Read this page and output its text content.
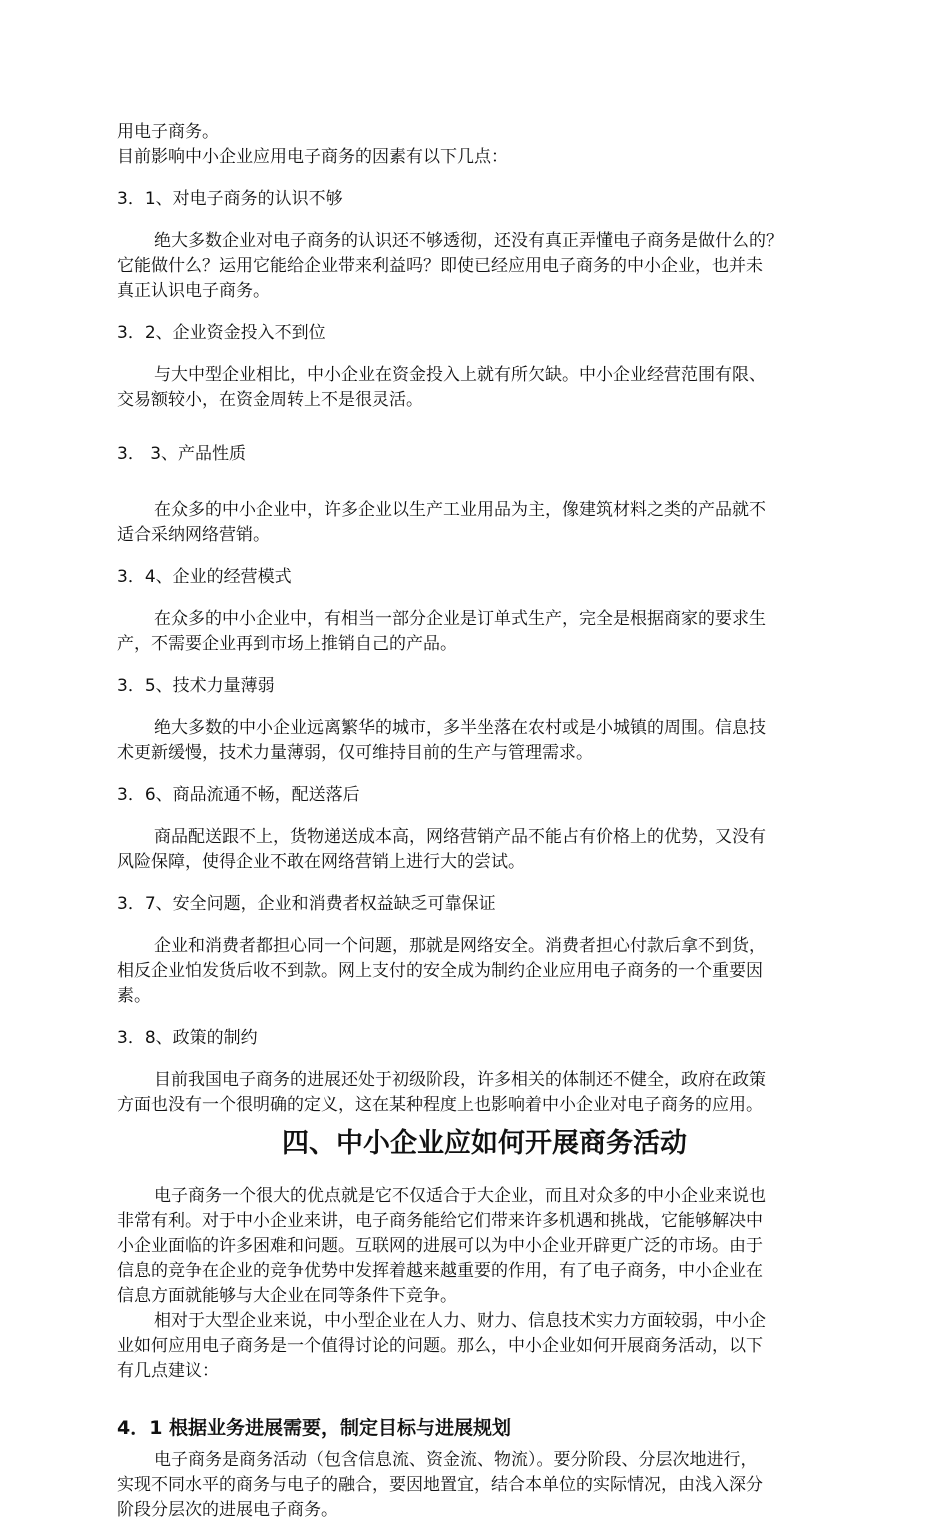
用电子商务。

目前影响中小企业应用电子商务的因素有以下几点：

3．1、对电子商务的认识不够

绝大多数企业对电子商务的认识还不够透彻，还没有真正弄懂电子商务是做什么的？

它能做什么？运用它能给企业带来利益吗？即使已经应用电子商务的中小企业，也并未

真正认识电子商务。

3．2、企业资金投入不到位

与大中型企业相比，中小企业在资金投入上就有所欠缺。中小企业经营范围有限、

交易额较小，在资金周转上不是很灵活。

3． 3、产品性质

在众多的中小企业中，许多企业以生产工业用品为主，像建筑材料之类的产品就不

适合采纳网络营销。

3．4、企业的经营模式

在众多的中小企业中，有相当一部分企业是订单式生产，完全是根据商家的要求生

产，不需要企业再到市场上推销自己的产品。

3．5、技术力量薄弱

绝大多数的中小企业远离繁华的城市，多半坐落在农村或是小城镇的周围。信息技

术更新缓慢，技术力量薄弱，仅可维持目前的生产与管理需求。

3．6、商品流通不畅，配送落后

商品配送跟不上，货物递送成本高，网络营销产品不能占有价格上的优势，又没有

风险保障，使得企业不敢在网络营销上进行大的尝试。

3．7、安全问题，企业和消费者权益缺乏可靠保证

企业和消费者都担心同一个问题，那就是网络安全。消费者担心付款后拿不到货，

相反企业怕发货后收不到款。网上支付的安全成为制约企业应用电子商务的一个重要因

素。

3．8、政策的制约

目前我国电子商务的进展还处于初级阶段，许多相关的体制还不健全，政府在政策

方面也没有一个很明确的定义，这在某种程度上也影响着中小企业对电子商务的应用。

四、中小企业应如何开展商务活动

电子商务一个很大的优点就是它不仅适合于大企业，而且对众多的中小企业来说也

非常有利。对于中小企业来讲，电子商务能给它们带来许多机遇和挑战，它能够解决中

小企业面临的许多困难和问题。互联网的进展可以为中小企业开辟更广泛的市场。由于

信息的竞争在企业的竞争优势中发挥着越来越重要的作用，有了电子商务，中小企业在

信息方面就能够与大企业在同等条件下竞争。

相对于大型企业来说，中小型企业在人力、财力、信息技术实力方面较弱，中小企

业如何应用电子商务是一个值得讨论的问题。那么，中小企业如何开展商务活动，以下

有几点建议：

4．1 根据业务进展需要，制定目标与进展规划

电子商务是商务活动（包含信息流、资金流、物流）。要分阶段、分层次地进行，

实现不同水平的商务与电子的融合，要因地置宜，结合本单位的实际情况，由浅入深分

阶段分层次的进展电子商务。
